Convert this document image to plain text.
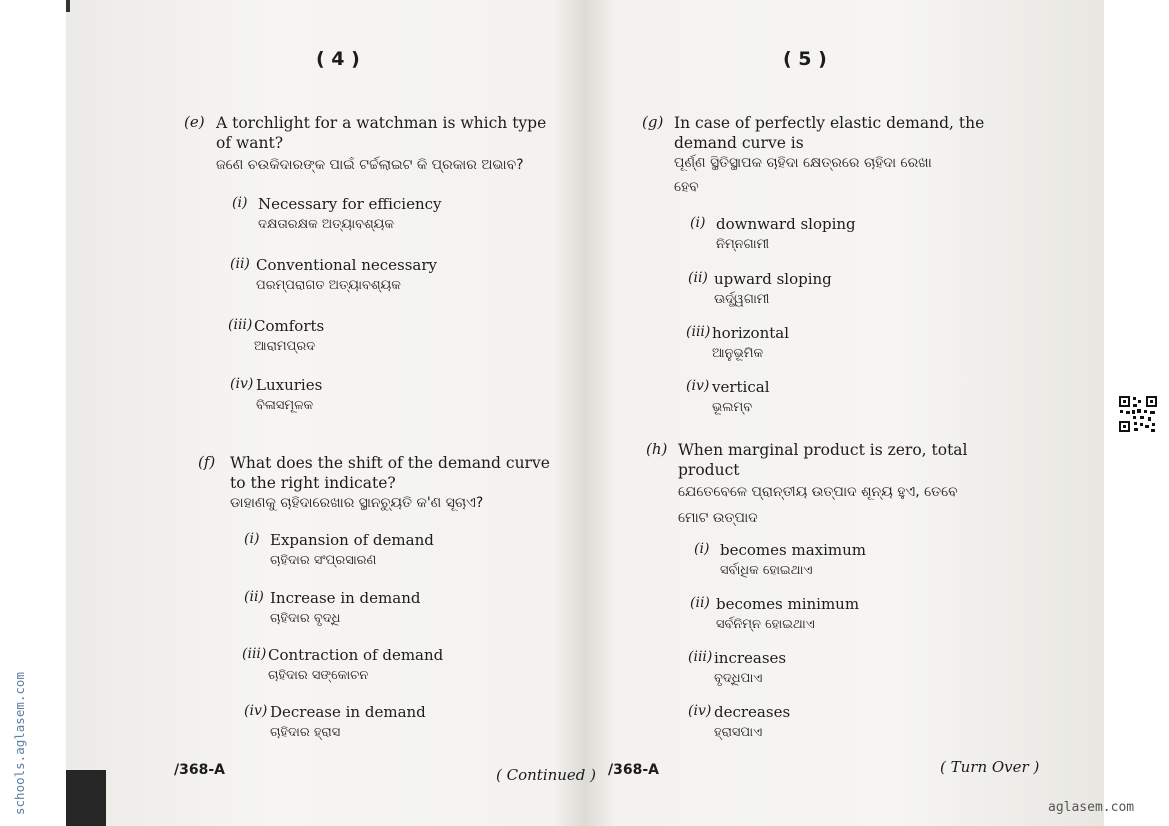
( 4 )
(e) A torchlight for a watchman is which type of want?
ଜଣେ ଚଉକିଦାରଙ୍କ ପାଇଁ ଟର୍ଚ୍ଚଲାଇଟ କି ପ୍ରକାର ଅଭାବ?
(i) Necessary for efficiency
ଦକ୍ଷତାରକ୍ଷକ ଅତ୍ୟାବଶ୍ୟକ
(ii) Conventional necessary
ପରମ୍ପରାଗତ ଅତ୍ୟାବଶ୍ୟକ
(iii) Comforts
ଆରାମପ୍ରଦ
(iv) Luxuries
ବିଳାସମୂଳକ
(f) What does the shift of the demand curve to the right indicate?
ଡାହାଣକୁ ଚାହିଦାରେଖାର ସ୍ଥାନଚ୍ୟୁତି କ'ଣ ସୂଚାଏ?
(i) Expansion of demand
ଚାହିଦାର ସଂପ୍ରସାରଣ
(ii) Increase in demand
ଚାହିଦାର ବୃଦ୍ଧି
(iii) Contraction of demand
ଚାହିଦାର ସଙ୍କୋଚନ
(iv) Decrease in demand
ଚାହିଦାର ହ୍ରାସ
/368-A	( Continued )
( 5 )
(g) In case of perfectly elastic demand, the demand curve is
ପୂର୍ଣ୍ଣ ସ୍ଥିତିସ୍ଥାପକ ଚାହିଦା କ୍ଷେତ୍ରରେ ଚାହିଦା ରେଖା
ହେବ
(i) downward sloping
ନିମ୍ନଗାମୀ
(ii) upward sloping
ଊର୍ଦ୍ଧ୍ୱଗାମୀ
(iii) horizontal
ଆନୁଭୂମିକ
(iv) vertical
ଭୂଲମ୍ବ
(h) When marginal product is zero, total product
ଯେତେବେଳେ ପ୍ରାନ୍ତୀୟ ଉତ୍ପାଦ ଶୂନ୍ୟ ହୁଏ, ତେବେ
ମୋଟ ଉତ୍ପାଦ
(i) becomes maximum
ସର୍ବାଧିକ ହୋଇଥାଏ
(ii) becomes minimum
ସର୍ବନିମ୍ନ ହୋଇଥାଏ
(iii) increases
ବୃଦ୍ଧିପାଏ
(iv) decreases
ହ୍ରାସପାଏ
/368-A	( Turn Over )
schools.aglasem.com	aglasem.com
